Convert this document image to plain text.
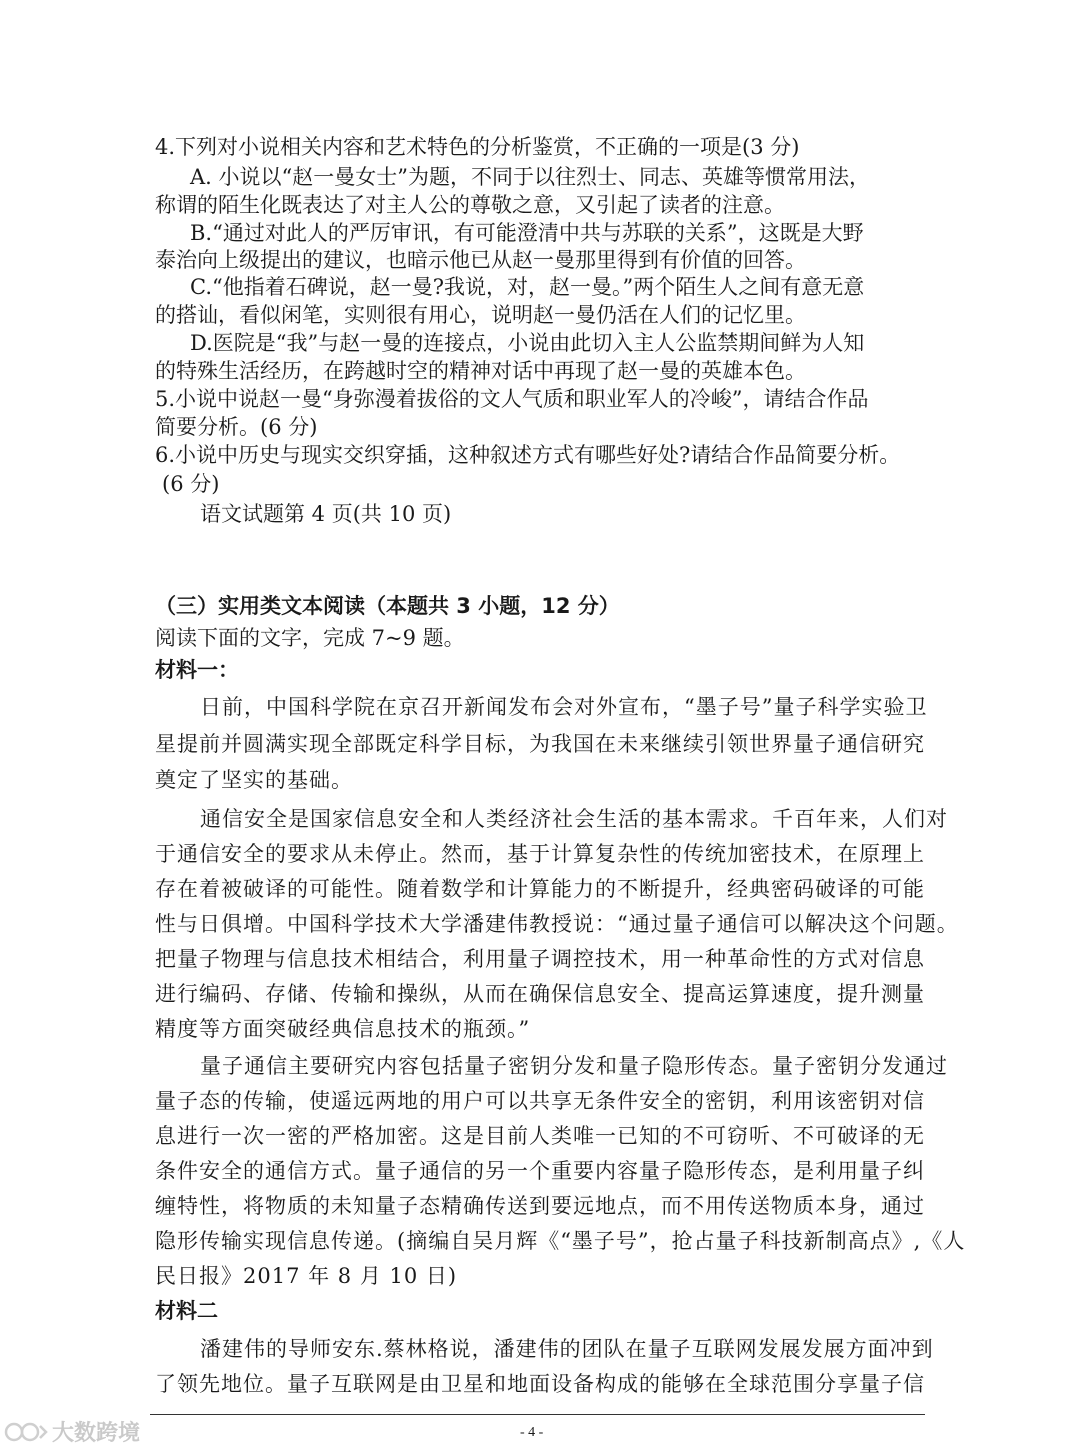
4.下列对小说相关内容和艺术特色的分析鉴赏，不正确的一项是(3 分)
A. 小说以“赵一曼女士”为题，不同于以往烈士、同志、英雄等惯常用法，
称谓的陌生化既表达了对主人公的尊敬之意，又引起了读者的注意。
B.“通过对此人的严厉审讯，有可能澄清中共与苏联的关系”，这既是大野
泰治向上级提出的建议，也暗示他已从赵一曼那里得到有价值的回答。
C.“他指着石碑说，赵一曼?我说，对，赵一曼。”两个陌生人之间有意无意
的搭讪，看似闲笔，实则很有用心，说明赵一曼仍活在人们的记忆里。
D.医院是“我”与赵一曼的连接点，小说由此切入主人公监禁期间鲜为人知
的特殊生活经历，在跨越时空的精神对话中再现了赵一曼的英雄本色。
5.小说中说赵一曼“身弥漫着拔俗的文人气质和职业军人的冷峻”，请结合作品
简要分析。(6 分)
6.小说中历史与现实交织穿插，这种叙述方式有哪些好处?请结合作品简要分析。
(6 分)
语文试题第 4 页(共 10 页)
（三）实用类文本阅读（本题共 3 小题，12 分）
阅读下面的文字，完成 7~9 题。
材料一：
日前，中国科学院在京召开新闻发布会对外宣布，“墨子号”量子科学实验卫
星提前并圆满实现全部既定科学目标，为我国在未来继续引领世界量子通信研究
奠定了坚实的基础。
通信安全是国家信息安全和人类经济社会生活的基本需求。千百年来，人们对
于通信安全的要求从未停止。然而，基于计算复杂性的传统加密技术，在原理上
存在着被破译的可能性。随着数学和计算能力的不断提升，经典密码破译的可能
性与日俱增。中国科学技术大学潘建伟教授说：“通过量子通信可以解决这个问题。
把量子物理与信息技术相结合，利用量子调控技术，用一种革命性的方式对信息
进行编码、存储、传输和操纵，从而在确保信息安全、提高运算速度，提升测量
精度等方面突破经典信息技术的瓶颈。”
量子通信主要研究内容包括量子密钥分发和量子隐形传态。量子密钥分发通过
量子态的传输，使遥远两地的用户可以共享无条件安全的密钥，利用该密钥对信
息进行一次一密的严格加密。这是目前人类唯一已知的不可窃听、不可破译的无
条件安全的通信方式。量子通信的另一个重要内容量子隐形传态，是利用量子纠
缠特性，将物质的未知量子态精确传送到要远地点，而不用传送物质本身，通过
隐形传输实现信息传递。(摘编自吴月辉《“墨子号”，抢占量子科技新制高点》,《人
民日报》2017 年 8 月 10 日)
材料二
潘建伟的导师安东.蔡林格说，潘建伟的团队在量子互联网发展发展方面冲到
了领先地位。量子互联网是由卫星和地面设备构成的能够在全球范围分享量子信
- 4 -
大数跨境
